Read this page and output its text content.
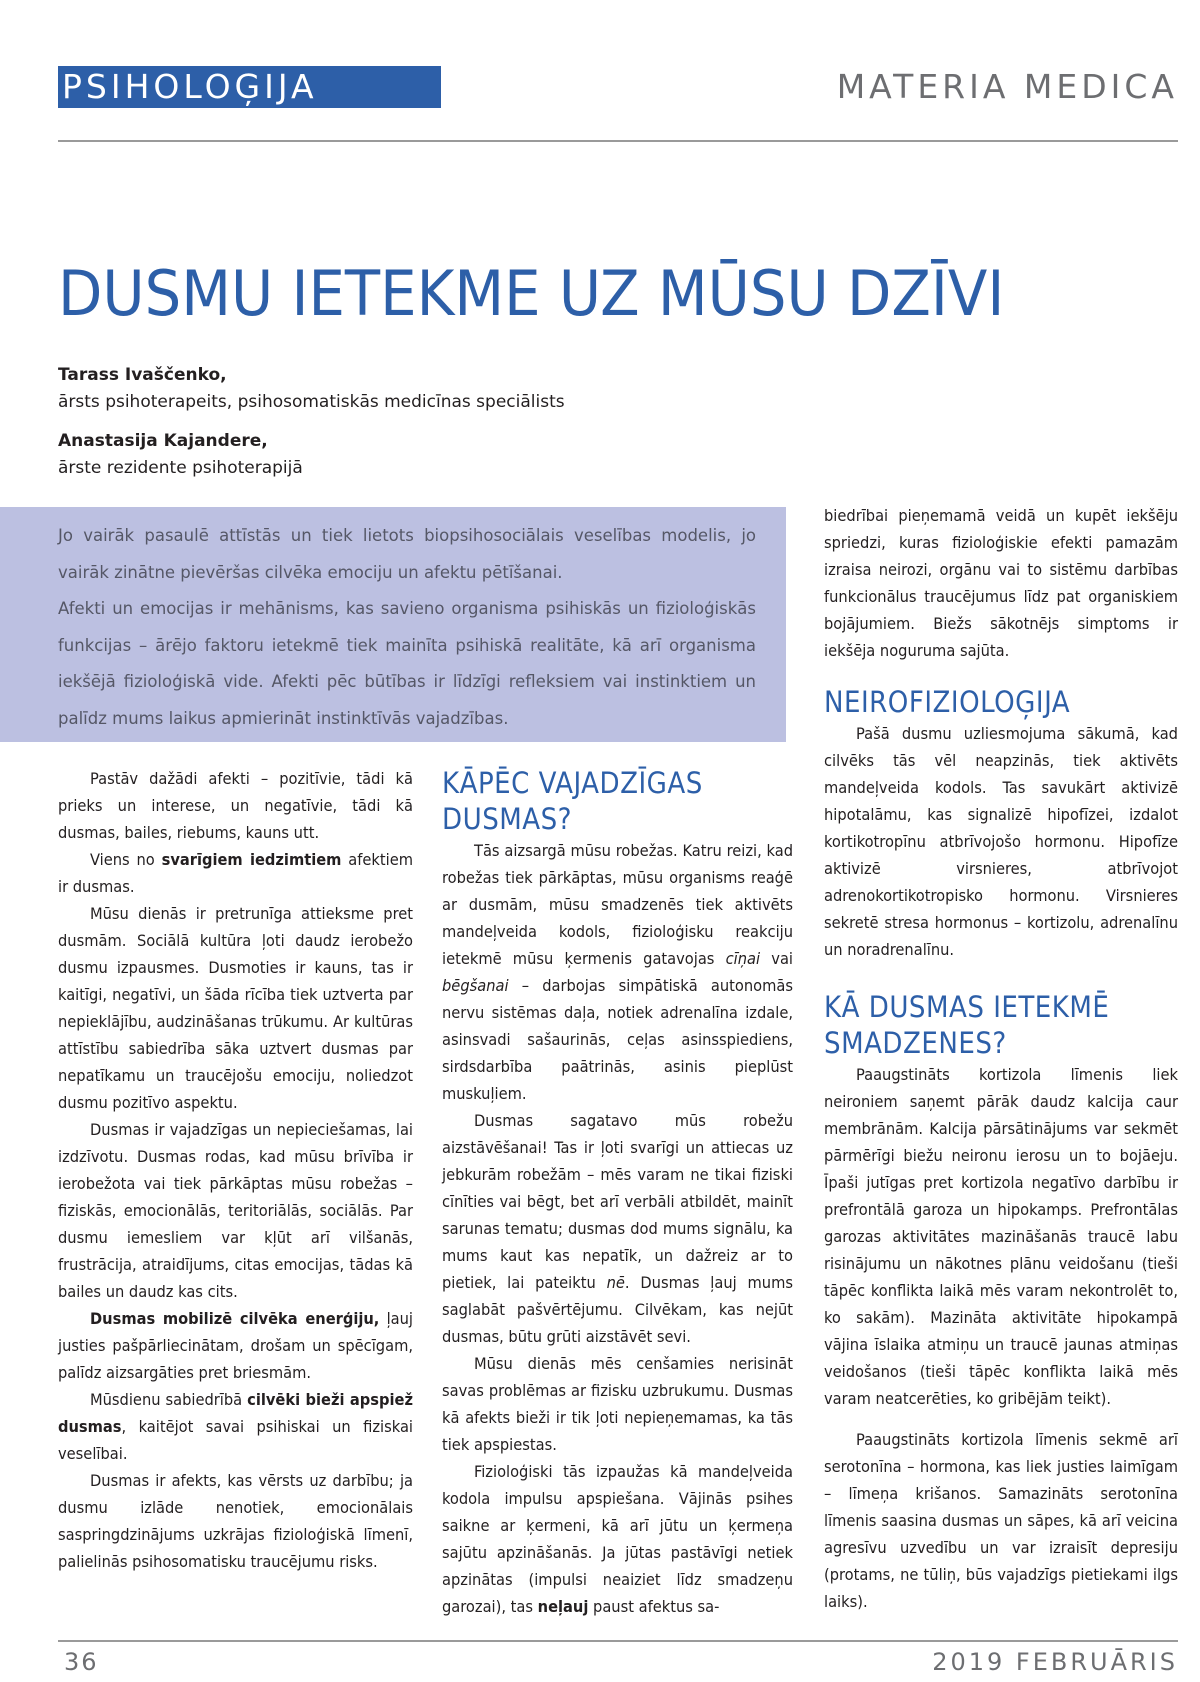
PSIHOLOĢIJA	MATERIA MEDICA
DUSMU IETEKME UZ MŪSU DZĪVI
Tarass Ivaščenko,
ārsts psihoterapeits, psihosomatiskās medicīnas speciālists
Anastasija Kajandere,
ārste rezidente psihoterapijā

Jo vairāk pasaulē attīstās un tiek lietots biopsihosociālais veselības modelis, jo vairāk zinātne pievēršas cilvēka emociju un afektu pētīšanai.

Afekti un emocijas ir mehānisms, kas savieno organisma psihiskās un fizioloģiskās funkcijas – ārējo faktoru ietekmē tiek mainīta psihiskā realitāte, kā arī organisma iekšējā fizioloģiskā vide. Afekti pēc būtības ir līdzīgi refleksiem vai instinktiem un palīdz mums laikus apmierināt instinktīvās vajadzības.

Pastāv dažādi afekti – pozitīvie, tādi kā prieks un interese, un negatīvie, tādi kā dusmas, bailes, riebums, kauns utt.

Viens no svarīgiem iedzimtiem afektiem ir dusmas.

Mūsu dienās ir pretrunīga attieksme pret dusmām. Sociālā kultūra ļoti daudz ierobežo dusmu izpausmes. Dusmoties ir kauns, tas ir kaitīgi, negatīvi, un šāda rīcība tiek uztverta par nepieklājību, audzināšanas trūkumu. Ar kultūras attīstību sabiedrība sāka uztvert dusmas par nepatīkamu un traucējošu emociju, noliedzot dusmu pozitīvo aspektu.

Dusmas ir vajadzīgas un nepieciešamas, lai izdzīvotu. Dusmas rodas, kad mūsu brīvība ir ierobežota vai tiek pārkāptas mūsu robežas – fiziskās, emocionālās, teritoriālās, sociālās. Par dusmu iemesliem var kļūt arī vilšanās, frustrācija, atraidījums, citas emocijas, tādas kā bailes un daudz kas cits.

Dusmas mobilizē cilvēka enerģiju, ļauj justies pašpārliecinātam, drošam un spēcīgam, palīdz aizsargāties pret briesmām.

Mūsdienu sabiedrībā cilvēki bieži apspiež dusmas, kaitējot savai psihiskai un fiziskai veselībai.

Dusmas ir afekts, kas vērsts uz darbību; ja dusmu izlāde nenotiek, emocionālais saspringdzinājums uzkrājas fizioloģiskā līmenī, palielinās psihosomatisku traucējumu risks.

KĀPĒC VAJADZĪGAS DUSMAS?

Tās aizsargā mūsu robežas. Katru reizi, kad robežas tiek pārkāptas, mūsu organisms reaģē ar dusmām, mūsu smadzenēs tiek aktivēts mandeļveida kodols, fizioloģisku reakciju ietekmē mūsu ķermenis gatavojas cīņai vai bēgšanai – darbojas simpātiskā autonomās nervu sistēmas daļa, notiek adrenalīna izdale, asinsvadi sašaurinās, ceļas asinsspiediens, sirdsdarbība paātrinās, asinis pieplūst muskuļiem.

Dusmas sagatavo mūs robežu aizstāvēšanai! Tas ir ļoti svarīgi un attiecas uz jebkurām robežām – mēs varam ne tikai fiziski cīnīties vai bēgt, bet arī verbāli atbildēt, mainīt sarunas tematu; dusmas dod mums signālu, ka mums kaut kas nepatīk, un dažreiz ar to pietiek, lai pateiktu nē. Dusmas ļauj mums saglabāt pašvērtējumu. Cilvēkam, kas nejūt dusmas, būtu grūti aizstāvēt sevi.

Mūsu dienās mēs cenšamies nerisināt savas problēmas ar fizisku uzbrukumu. Dusmas kā afekts bieži ir tik ļoti nepieņemamas, ka tās tiek apspiestas.

Fizioloģiski tās izpaužas kā mandeļveida kodola impulsu apspiešana. Vājinās psihes saikne ar ķermeni, kā arī jūtu un ķermeņa sajūtu apzināšanās. Ja jūtas pastāvīgi netiek apzinātas (impulsi neaiziet līdz smadzeņu garozai), tas neļauj paust afektus sa-

biedrībai pieņemamā veidā un kupēt iekšēju spriedzi, kuras fizioloģiskie efekti pamazām izraisa neirozi, orgānu vai to sistēmu darbības funkcionālus traucējumus līdz pat organiskiem bojājumiem. Biežs sākotnējs simptoms ir iekšēja noguruma sajūta.

NEIROFIZIOLOĢIJA

Pašā dusmu uzliesmojuma sākumā, kad cilvēks tās vēl neapzinās, tiek aktivēts mandeļveida kodols. Tas savukārt aktivizē hipotalāmu, kas signalizē hipofīzei, izdalot kortikotropīnu atbrīvojošo hormonu. Hipofīze aktivizē virsnieres, atbrīvojot adrenokortikotropisko hormonu. Virsnieres sekretē stresa hormonus – kortizolu, adrenalīnu un noradrenalīnu.

KĀ DUSMAS IETEKMĒ SMADZENES?

Paaugstināts kortizola līmenis liek neironiem saņemt pārāk daudz kalcija caur membrānām. Kalcija pārsātinājums var sekmēt pārmērīgi biežu neironu ierosu un to bojāeju. Īpaši jutīgas pret kortizola negatīvo darbību ir prefrontālā garoza un hipokamps. Prefrontālas garozas aktivitātes mazināšanās traucē labu risinājumu un nākotnes plānu veidošanu (tieši tāpēc konflikta laikā mēs varam nekontrolēt to, ko sakām). Mazināta aktivitāte hipokampā vājina īslaika atmiņu un traucē jaunas atmiņas veidošanos (tieši tāpēc konflikta laikā mēs varam neatcerēties, ko gribējām teikt).

Paaugstināts kortizola līmenis sekmē arī serotonīna – hormona, kas liek justies laimīgam – līmeņa krišanos. Samazināts serotonīna līmenis saasina dusmas un sāpes, kā arī veicina agresīvu uzvedību un var izraisīt depresiju (protams, ne tūliņ, būs vajadzīgs pietiekami ilgs laiks).

36	2019 FEBRUĀRIS
